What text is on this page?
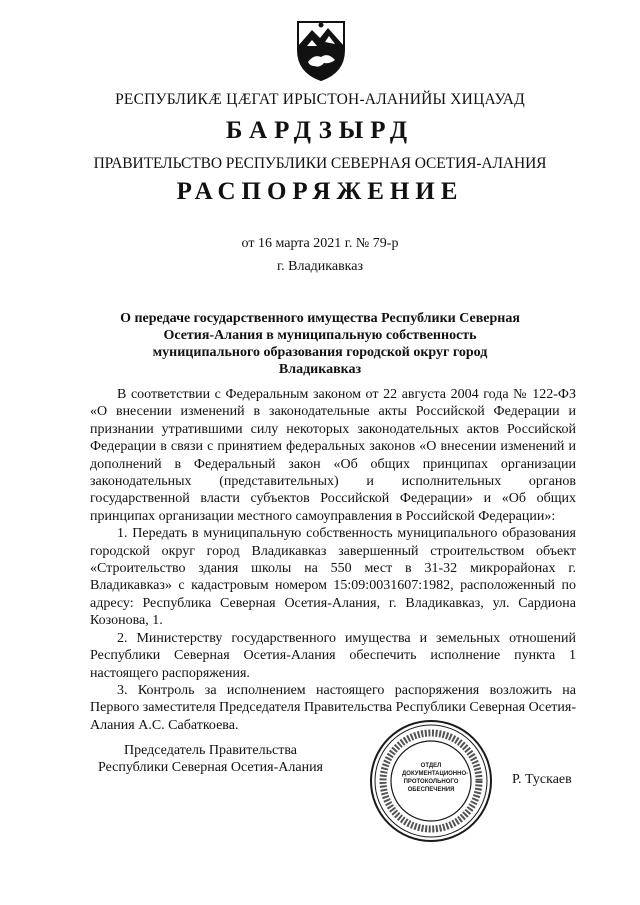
РЕСПУБЛИКÆ ЦÆГАТ ИРЫСТОН-АЛАНИЙЫ ХИЦАУАД
БАРДЗЫРД
ПРАВИТЕЛЬСТВО РЕСПУБЛИКИ СЕВЕРНАЯ ОСЕТИЯ-АЛАНИЯ
РАСПОРЯЖЕНИЕ
от 16 марта 2021 г. № 79-р
г. Владикавказ
О передаче государственного имущества Республики Северная Осетия-Алания в муниципальную собственность муниципального образования городской округ город Владикавказ

В соответствии с Федеральным законом от 22 августа 2004 года № 122-ФЗ «О внесении изменений в законодательные акты Российской Федерации и признании утратившими силу некоторых законодательных актов Российской Федерации в связи с принятием федеральных законов «О внесении изменений и дополнений в Федеральный закон «Об общих принципах организации законодательных (представительных) и исполнительных органов государственной власти субъектов Российской Федерации» и «Об общих принципах организации местного самоуправления в Российской Федерации»:

1. Передать в муниципальную собственность муниципального образования городской округ город Владикавказ завершенный строительством объект «Строительство здания школы на 550 мест в 31-32 микрорайонах г. Владикавказ» с кадастровым номером 15:09:0031607:1982, расположенный по адресу: Республика Северная Осетия-Алания, г. Владикавказ, ул. Сардиона Козонова, 1.

2. Министерству государственного имущества и земельных отношений Республики Северная Осетия-Алания обеспечить исполнение пункта 1 настоящего распоряжения.

3. Контроль за исполнением настоящего распоряжения возложить на Первого заместителя Председателя Правительства Республики Северная Осетия-Алания А.С. Сабаткоева.

Председатель Правительства
Республики Северная Осетия-Алания
Р. Тускаев
ОТДЕЛ ДОКУМЕНТАЦИОННО-ПРОТОКОЛЬНОГО ОБЕСПЕЧЕНИЯ
